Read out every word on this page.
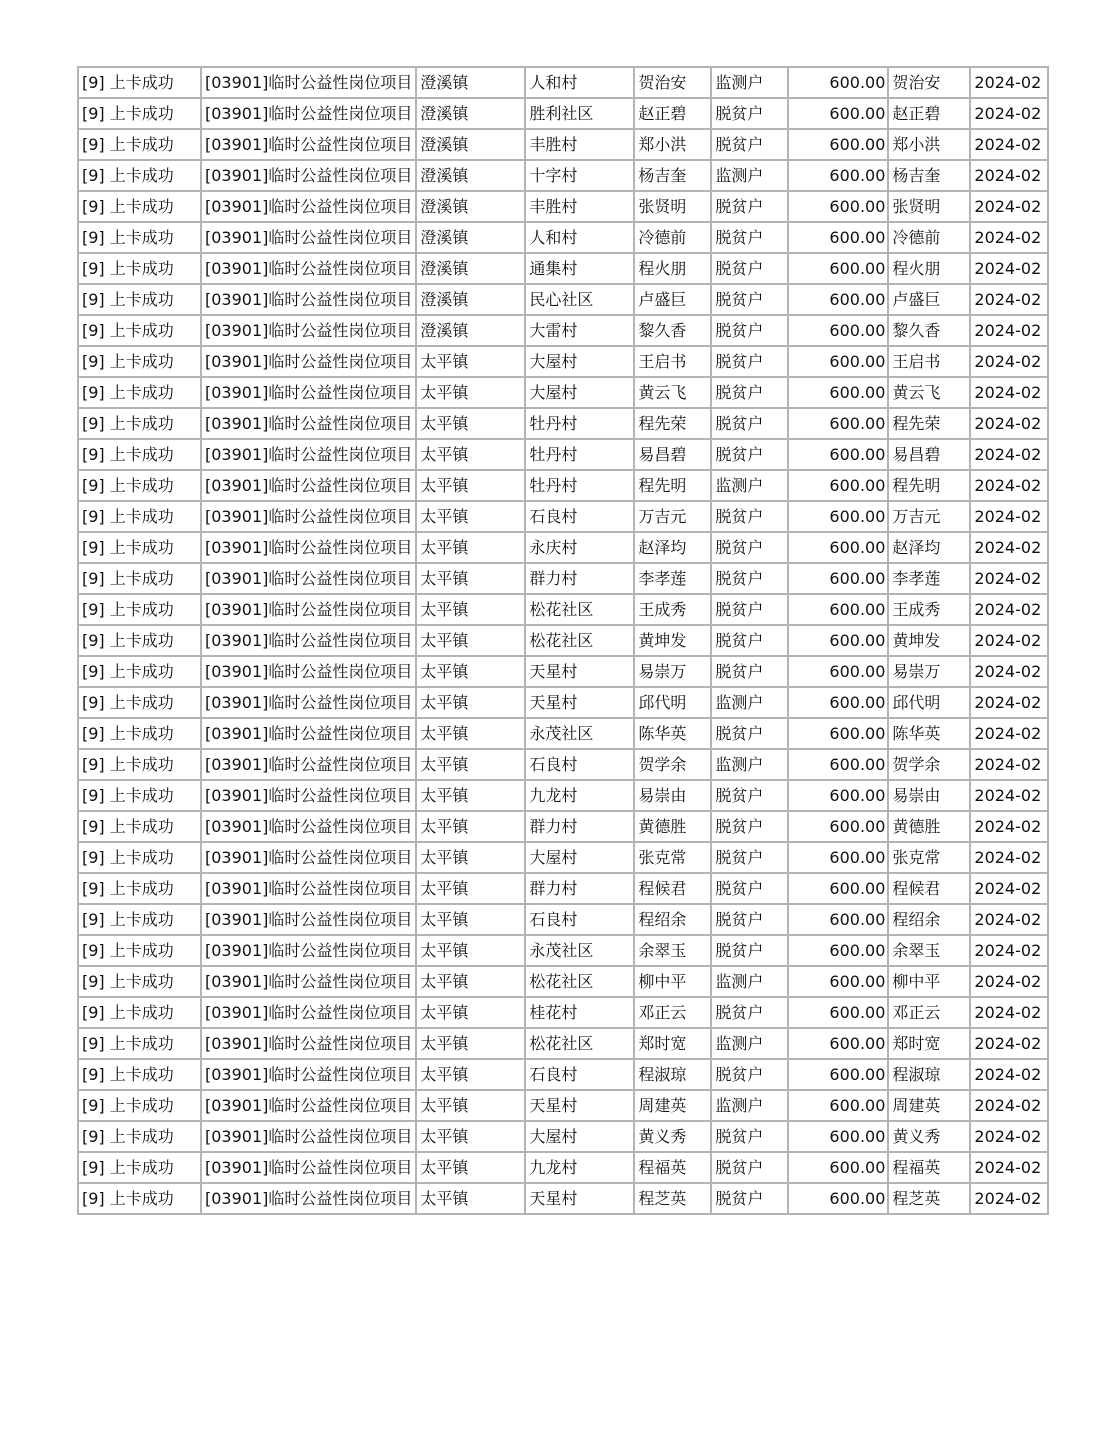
[9] 上卡成功	[03901]临时公益性岗位项目	澄溪镇	人和村	贺治安	监测户	600.00	贺治安	2024-02
[9] 上卡成功	[03901]临时公益性岗位项目	澄溪镇	胜利社区	赵正碧	脱贫户	600.00	赵正碧	2024-02
[9] 上卡成功	[03901]临时公益性岗位项目	澄溪镇	丰胜村	郑小洪	脱贫户	600.00	郑小洪	2024-02
[9] 上卡成功	[03901]临时公益性岗位项目	澄溪镇	十字村	杨吉奎	监测户	600.00	杨吉奎	2024-02
[9] 上卡成功	[03901]临时公益性岗位项目	澄溪镇	丰胜村	张贤明	脱贫户	600.00	张贤明	2024-02
[9] 上卡成功	[03901]临时公益性岗位项目	澄溪镇	人和村	冷德前	脱贫户	600.00	冷德前	2024-02
[9] 上卡成功	[03901]临时公益性岗位项目	澄溪镇	通集村	程火朋	脱贫户	600.00	程火朋	2024-02
[9] 上卡成功	[03901]临时公益性岗位项目	澄溪镇	民心社区	卢盛巨	脱贫户	600.00	卢盛巨	2024-02
[9] 上卡成功	[03901]临时公益性岗位项目	澄溪镇	大雷村	黎久香	脱贫户	600.00	黎久香	2024-02
[9] 上卡成功	[03901]临时公益性岗位项目	太平镇	大屋村	王启书	脱贫户	600.00	王启书	2024-02
[9] 上卡成功	[03901]临时公益性岗位项目	太平镇	大屋村	黄云飞	脱贫户	600.00	黄云飞	2024-02
[9] 上卡成功	[03901]临时公益性岗位项目	太平镇	牡丹村	程先荣	脱贫户	600.00	程先荣	2024-02
[9] 上卡成功	[03901]临时公益性岗位项目	太平镇	牡丹村	易昌碧	脱贫户	600.00	易昌碧	2024-02
[9] 上卡成功	[03901]临时公益性岗位项目	太平镇	牡丹村	程先明	监测户	600.00	程先明	2024-02
[9] 上卡成功	[03901]临时公益性岗位项目	太平镇	石良村	万吉元	脱贫户	600.00	万吉元	2024-02
[9] 上卡成功	[03901]临时公益性岗位项目	太平镇	永庆村	赵泽均	脱贫户	600.00	赵泽均	2024-02
[9] 上卡成功	[03901]临时公益性岗位项目	太平镇	群力村	李孝莲	脱贫户	600.00	李孝莲	2024-02
[9] 上卡成功	[03901]临时公益性岗位项目	太平镇	松花社区	王成秀	脱贫户	600.00	王成秀	2024-02
[9] 上卡成功	[03901]临时公益性岗位项目	太平镇	松花社区	黄坤发	脱贫户	600.00	黄坤发	2024-02
[9] 上卡成功	[03901]临时公益性岗位项目	太平镇	天星村	易崇万	脱贫户	600.00	易崇万	2024-02
[9] 上卡成功	[03901]临时公益性岗位项目	太平镇	天星村	邱代明	监测户	600.00	邱代明	2024-02
[9] 上卡成功	[03901]临时公益性岗位项目	太平镇	永茂社区	陈华英	脱贫户	600.00	陈华英	2024-02
[9] 上卡成功	[03901]临时公益性岗位项目	太平镇	石良村	贺学余	监测户	600.00	贺学余	2024-02
[9] 上卡成功	[03901]临时公益性岗位项目	太平镇	九龙村	易崇由	脱贫户	600.00	易崇由	2024-02
[9] 上卡成功	[03901]临时公益性岗位项目	太平镇	群力村	黄德胜	脱贫户	600.00	黄德胜	2024-02
[9] 上卡成功	[03901]临时公益性岗位项目	太平镇	大屋村	张克常	脱贫户	600.00	张克常	2024-02
[9] 上卡成功	[03901]临时公益性岗位项目	太平镇	群力村	程候君	脱贫户	600.00	程候君	2024-02
[9] 上卡成功	[03901]临时公益性岗位项目	太平镇	石良村	程绍余	脱贫户	600.00	程绍余	2024-02
[9] 上卡成功	[03901]临时公益性岗位项目	太平镇	永茂社区	余翠玉	脱贫户	600.00	余翠玉	2024-02
[9] 上卡成功	[03901]临时公益性岗位项目	太平镇	松花社区	柳中平	监测户	600.00	柳中平	2024-02
[9] 上卡成功	[03901]临时公益性岗位项目	太平镇	桂花村	邓正云	脱贫户	600.00	邓正云	2024-02
[9] 上卡成功	[03901]临时公益性岗位项目	太平镇	松花社区	郑时宽	监测户	600.00	郑时宽	2024-02
[9] 上卡成功	[03901]临时公益性岗位项目	太平镇	石良村	程淑琼	脱贫户	600.00	程淑琼	2024-02
[9] 上卡成功	[03901]临时公益性岗位项目	太平镇	天星村	周建英	监测户	600.00	周建英	2024-02
[9] 上卡成功	[03901]临时公益性岗位项目	太平镇	大屋村	黄义秀	脱贫户	600.00	黄义秀	2024-02
[9] 上卡成功	[03901]临时公益性岗位项目	太平镇	九龙村	程福英	脱贫户	600.00	程福英	2024-02
[9] 上卡成功	[03901]临时公益性岗位项目	太平镇	天星村	程芝英	脱贫户	600.00	程芝英	2024-02
